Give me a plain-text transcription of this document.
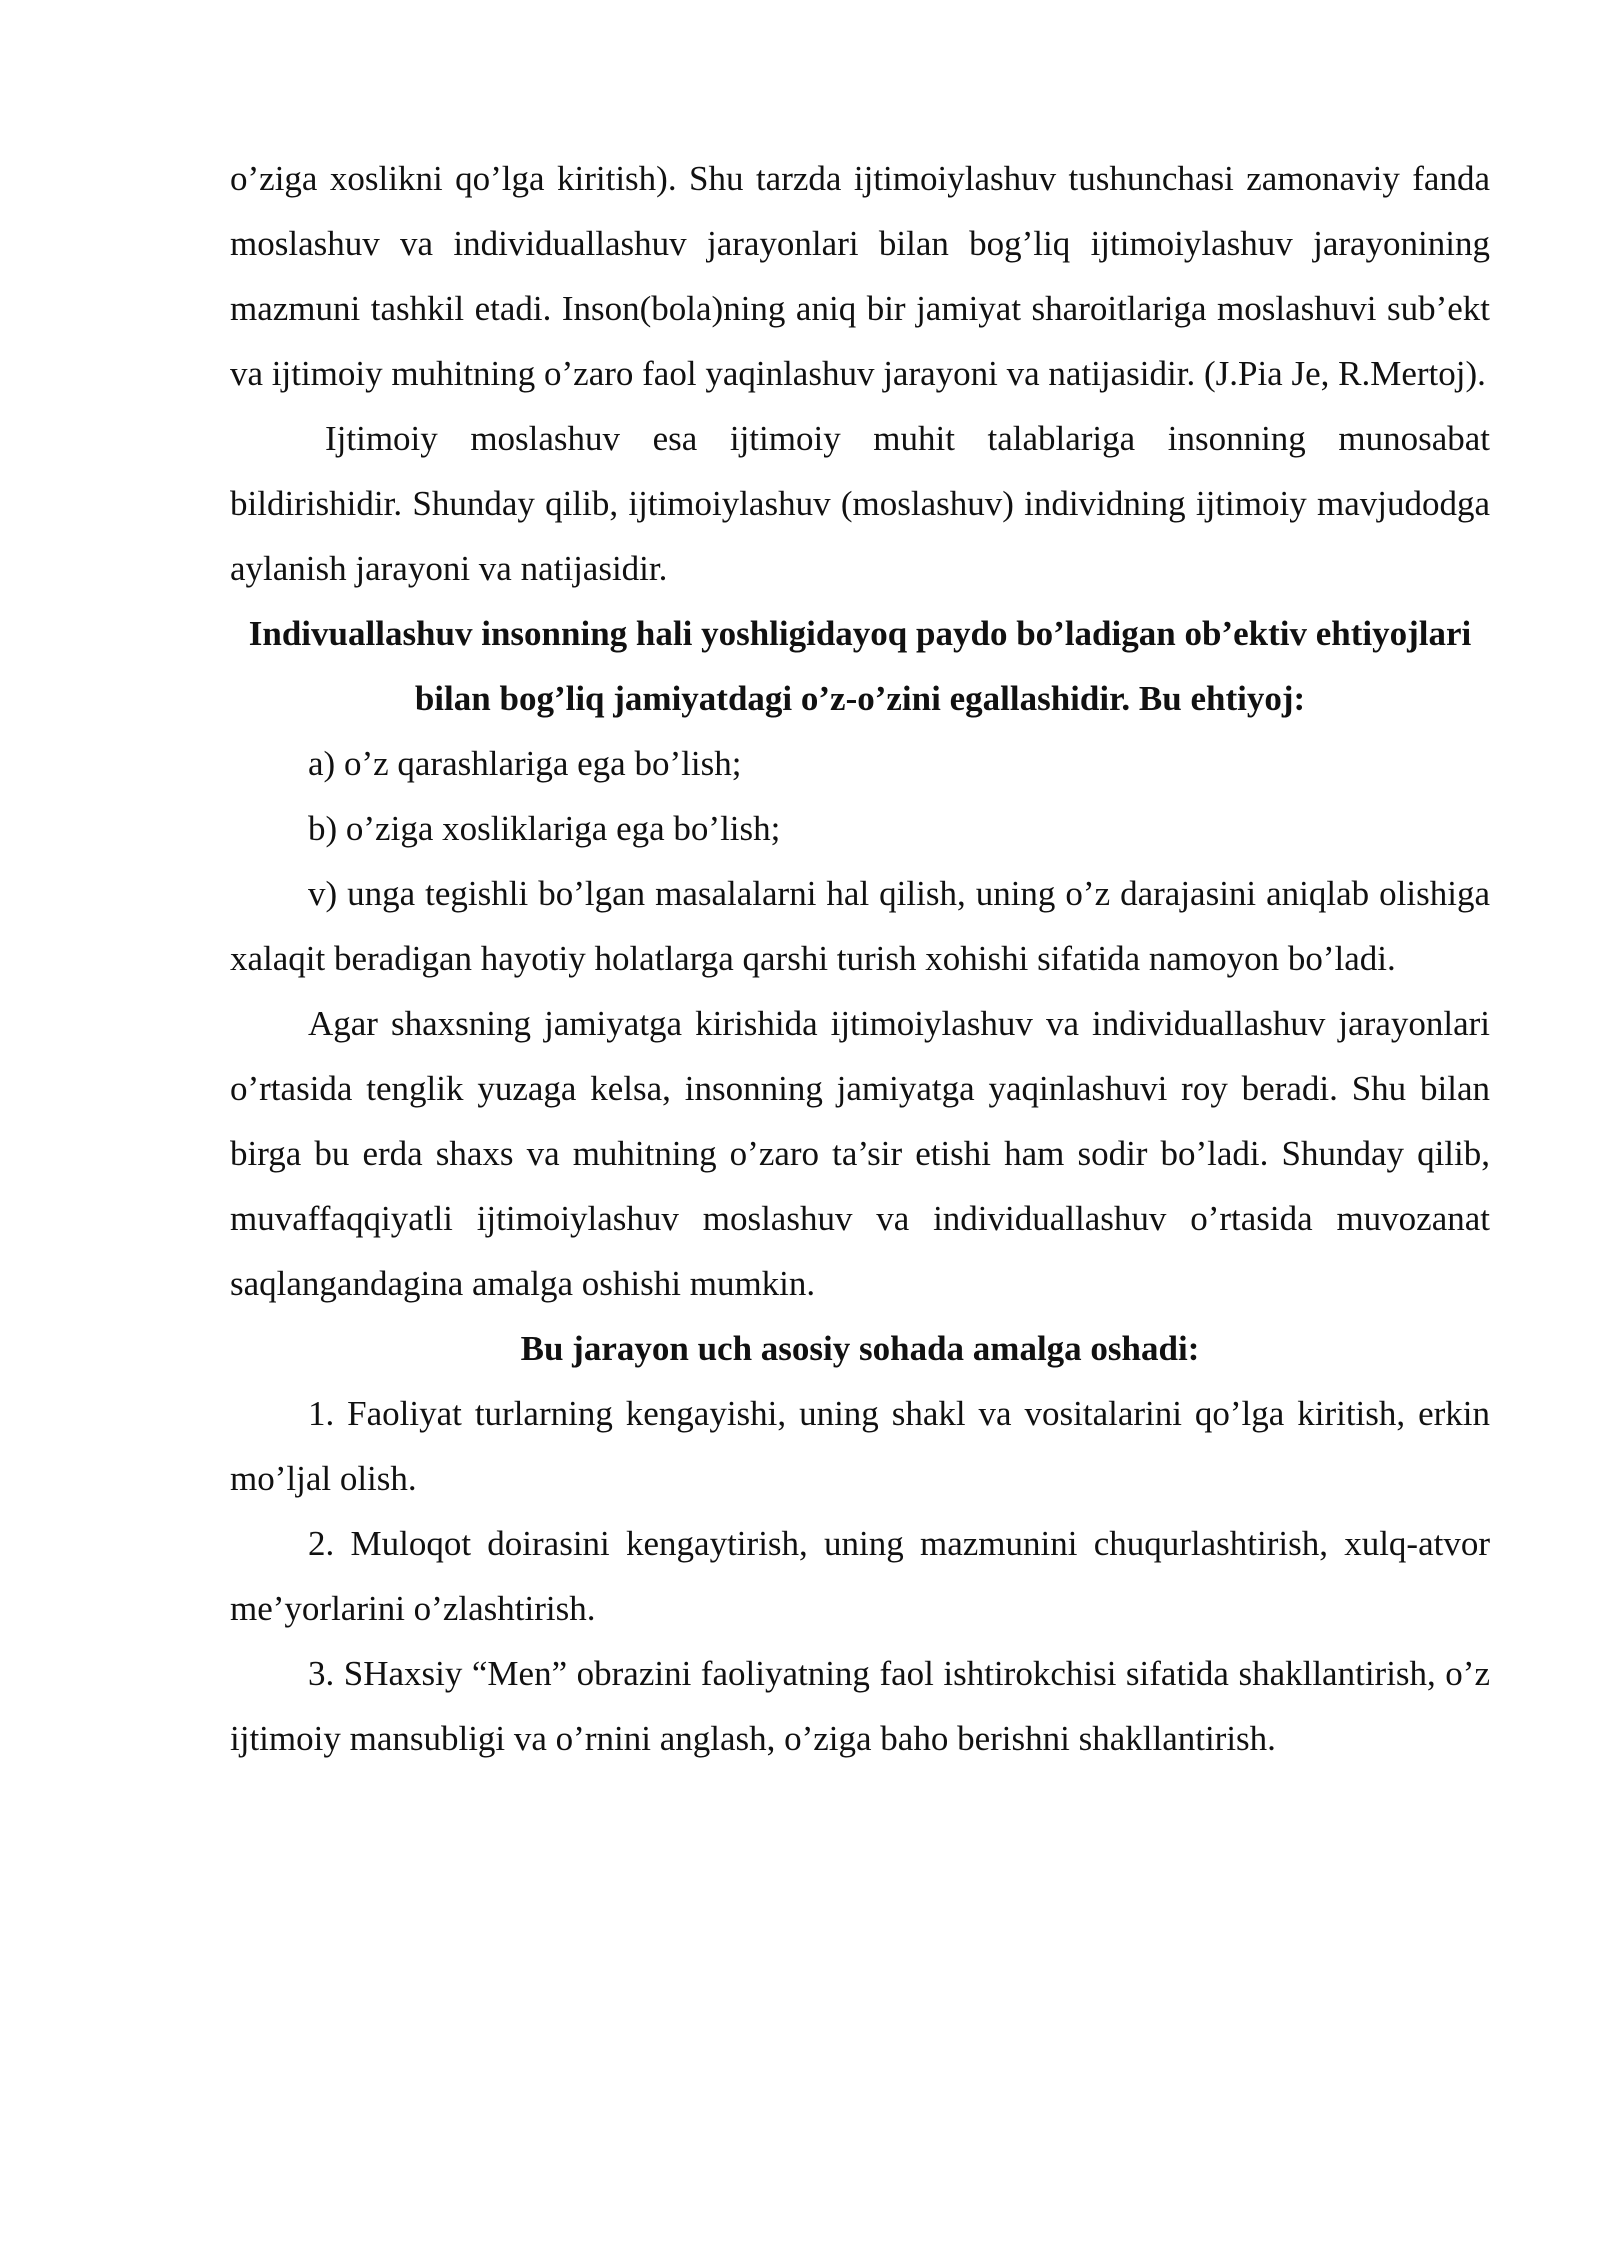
o’ziga xoslikni qo’lga kiritish). Shu tarzda ijtimoiylashuv tushunchasi zamonaviy fanda moslashuv va individuallashuv jarayonlari bilan bog’liq ijtimoiylashuv jarayonining mazmuni tashkil etadi. Inson(bola)ning aniq bir jamiyat sharoitlariga moslashuvi sub’ekt va ijtimoiy muhitning o’zaro faol yaqinlashuv jarayoni va natijasidir. (J.Pia Je, R.Mertoj).

Ijtimoiy moslashuv esa ijtimoiy muhit talablariga insonning munosabat bildirishidir. Shunday qilib, ijtimoiylashuv (moslashuv) individning ijtimoiy mavjudodga aylanish jarayoni va natijasidir.

Indivuallashuv insonning hali yoshligidayoq paydo bo’ladigan ob’ektiv ehtiyojlari bilan bog’liq jamiyatdagi o’z-o’zini egallashidir. Bu ehtiyoj:

a) o’z qarashlariga ega bo’lish;

b) o’ziga xosliklariga ega bo’lish;

v) unga tegishli bo’lgan masalalarni hal qilish, uning o’z darajasini aniqlab olishiga xalaqit beradigan hayotiy holatlarga qarshi turish xohishi sifatida namoyon bo’ladi.

Agar shaxsning jamiyatga kirishida ijtimoiylashuv va individuallashuv jarayonlari o’rtasida tenglik yuzaga kelsa, insonning jamiyatga yaqinlashuvi roy beradi. Shu bilan birga bu erda shaxs va muhitning o’zaro ta’sir etishi ham sodir bo’ladi. Shunday qilib, muvaffaqqiyatli ijtimoiylashuv moslashuv va individuallashuv o’rtasida muvozanat saqlangandagina amalga oshishi mumkin.

Bu jarayon uch asosiy sohada amalga oshadi:

1. Faoliyat turlarning kengayishi, uning shakl va vositalarini qo’lga kiritish, erkin mo’ljal olish.

2. Muloqot doirasini kengaytirish, uning mazmunini chuqurlashtirish, xulq-atvor me’yorlarini o’zlashtirish.

3. SHaxsiy “Men” obrazini faoliyatning faol ishtirokchisi sifatida shakllantirish, o’z ijtimoiy mansubligi va o’rnini anglash, o’ziga baho berishni shakllantirish.
